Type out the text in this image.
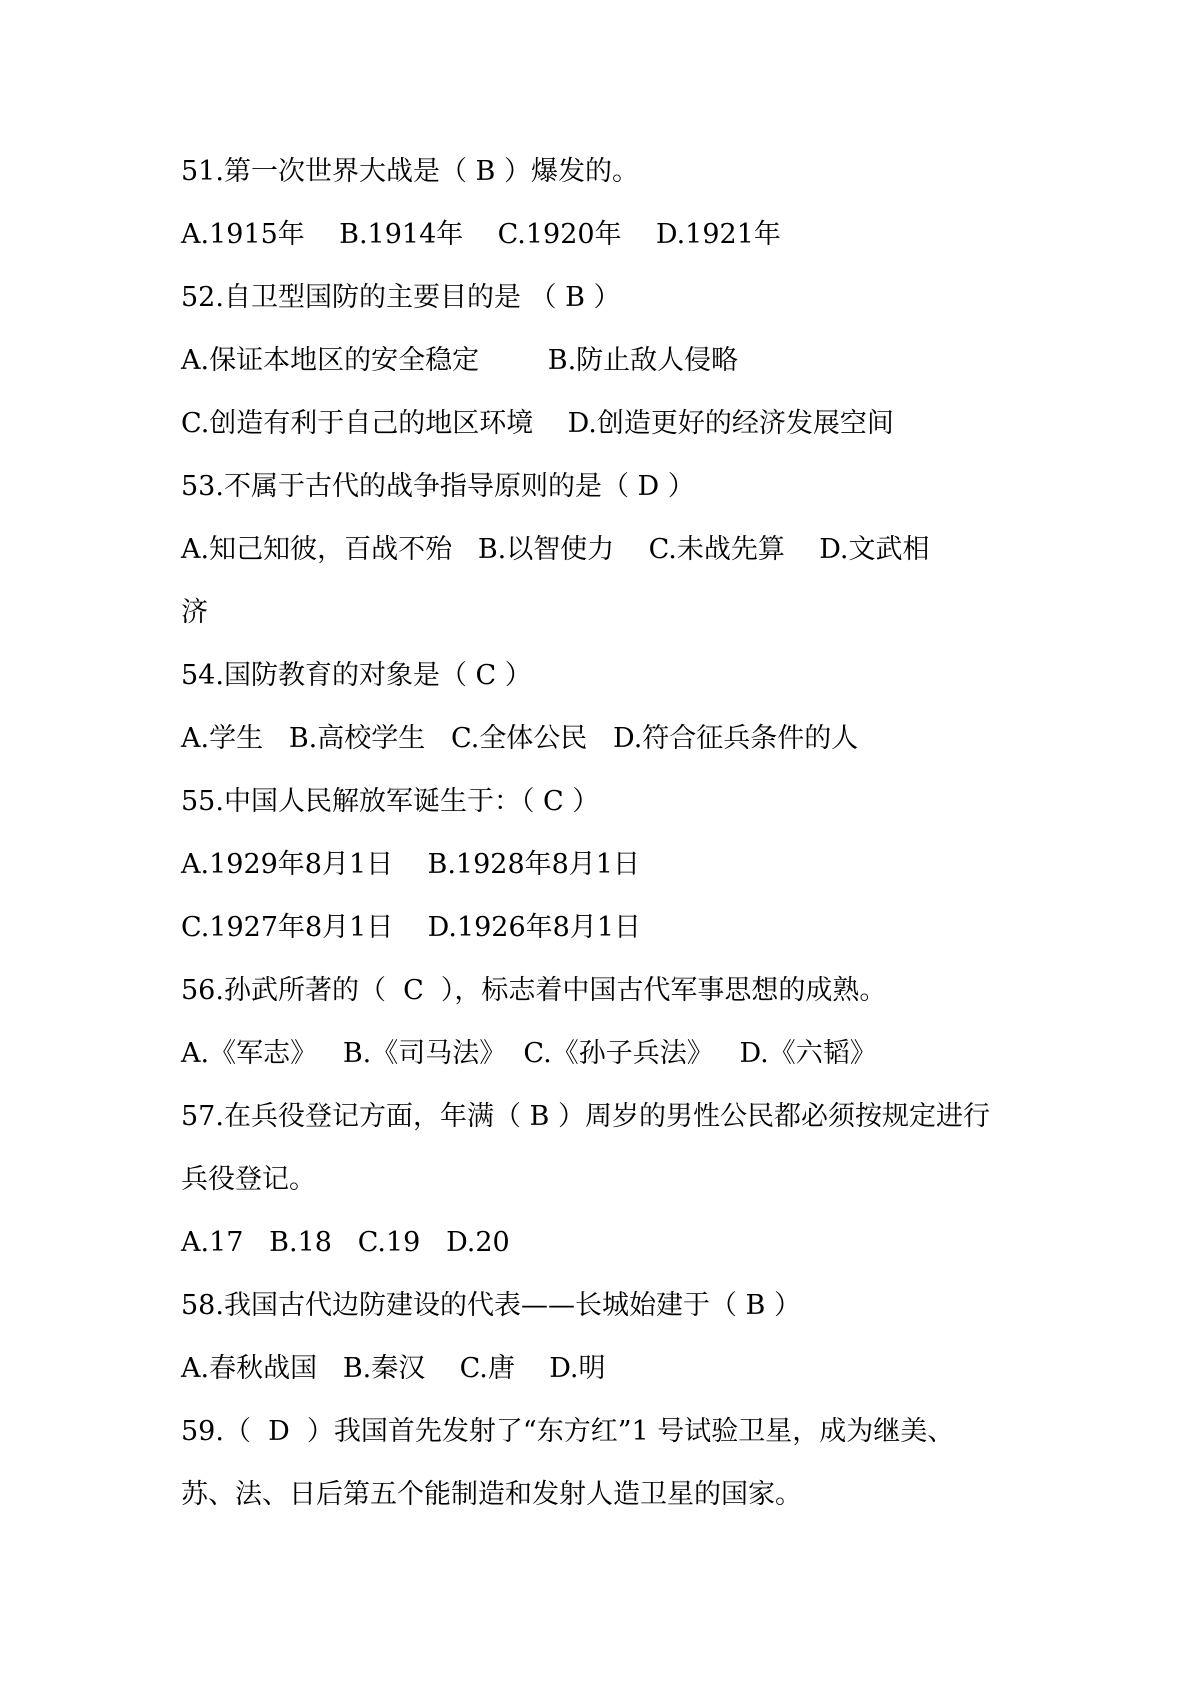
51.第一次世界大战是（ B ）爆发的。
A.1915年    B.1914年    C.1920年    D.1921年
52.自卫型国防的主要目的是 （ B ）
A.保证本地区的安全稳定        B.防止敌人侵略
C.创造有利于自己的地区环境    D.创造更好的经济发展空间
53.不属于古代的战争指导原则的是（ D ）
A.知己知彼，百战不殆   B.以智使力    C.未战先算    D.文武相
济
54.国防教育的对象是（ C ）
A.学生   B.高校学生   C.全体公民   D.符合征兵条件的人
55.中国人民解放军诞生于：（ C ）
A.1929年8月1日    B.1928年8月1日
C.1927年8月1日    D.1926年8月1日
56.孙武所著的（  C  ），标志着中国古代军事思想的成熟。
A.《军志》   B.《司马法》  C.《孙子兵法》   D.《六韬》
57.在兵役登记方面，年满（ B ）周岁的男性公民都必须按规定进行
兵役登记。
A.17   B.18   C.19   D.20
58.我国古代边防建设的代表——长城始建于（ B ）
A.春秋战国   B.秦汉    C.唐    D.明
59.（  D  ）我国首先发射了“东方红”1 号试验卫星，成为继美、
苏、法、日后第五个能制造和发射人造卫星的国家。
